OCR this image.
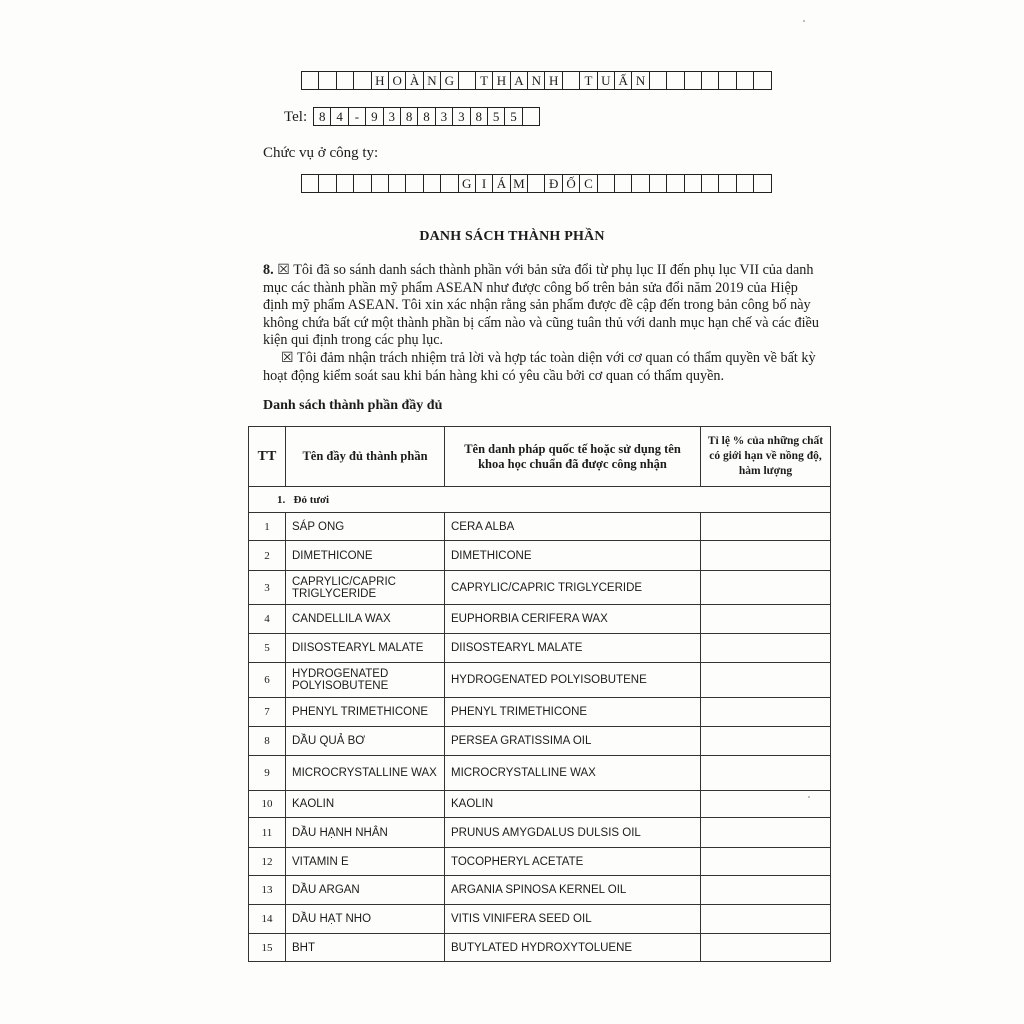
H O À N G	T H A N H	T U Ấ N
Tel: 8 4 - 9 3 8 8 3 3 8 5 5
Chức vụ ở công ty:
G I Á M Đ Ố C
DANH SÁCH THÀNH PHẦN

8. ☒ Tôi đã so sánh danh sách thành phần với bản sửa đổi từ phụ lục II đến phụ lục VII của danh mục các thành phần mỹ phẩm ASEAN như được công bố trên bản sửa đổi năm 2019 của Hiệp định mỹ phẩm ASEAN. Tôi xin xác nhận rằng sản phẩm được đề cập đến trong bản công bố này không chứa bất cứ một thành phần bị cấm nào và cũng tuân thủ với danh mục hạn chế và các điều kiện qui định trong các phụ lục.

☒ Tôi đảm nhận trách nhiệm trả lời và hợp tác toàn diện với cơ quan có thẩm quyền về bất kỳ hoạt động kiểm soát sau khi bán hàng khi có yêu cầu bởi cơ quan có thẩm quyền.

Danh sách thành phần đầy đủ
TT	Tên đầy đủ thành phần	Tên danh pháp quốc tế hoặc sử dụng tên khoa học chuẩn đã được công nhận	Tỉ lệ % của những chất có giới hạn về nồng độ, hàm lượng
1.   Đỏ tươi			
1	SÁP ONG	CERA ALBA	
2	DIMETHICONE	DIMETHICONE	
3	CAPRYLIC/CAPRIC TRIGLYCERIDE	CAPRYLIC/CAPRIC TRIGLYCERIDE	
4	CANDELLILA WAX	EUPHORBIA CERIFERA WAX	
5	DIISOSTEARYL MALATE	DIISOSTEARYL MALATE	
6	HYDROGENATED POLYISOBUTENE	HYDROGENATED POLYISOBUTENE	
7	PHENYL TRIMETHICONE	PHENYL TRIMETHICONE	
8	DẦU QUẢ BƠ	PERSEA GRATISSIMA OIL	
9	MICROCRYSTALLINE WAX	MICROCRYSTALLINE WAX	
10	KAOLIN	KAOLIN	
11	DẦU HẠNH NHÂN	PRUNUS AMYGDALUS DULSIS OIL	
12	VITAMIN E	TOCOPHERYL ACETATE	
13	DẦU ARGAN	ARGANIA SPINOSA KERNEL OIL	
14	DẦU HẠT NHO	VITIS VINIFERA SEED OIL	
15	BHT	BUTYLATED HYDROXYTOLUENE	
